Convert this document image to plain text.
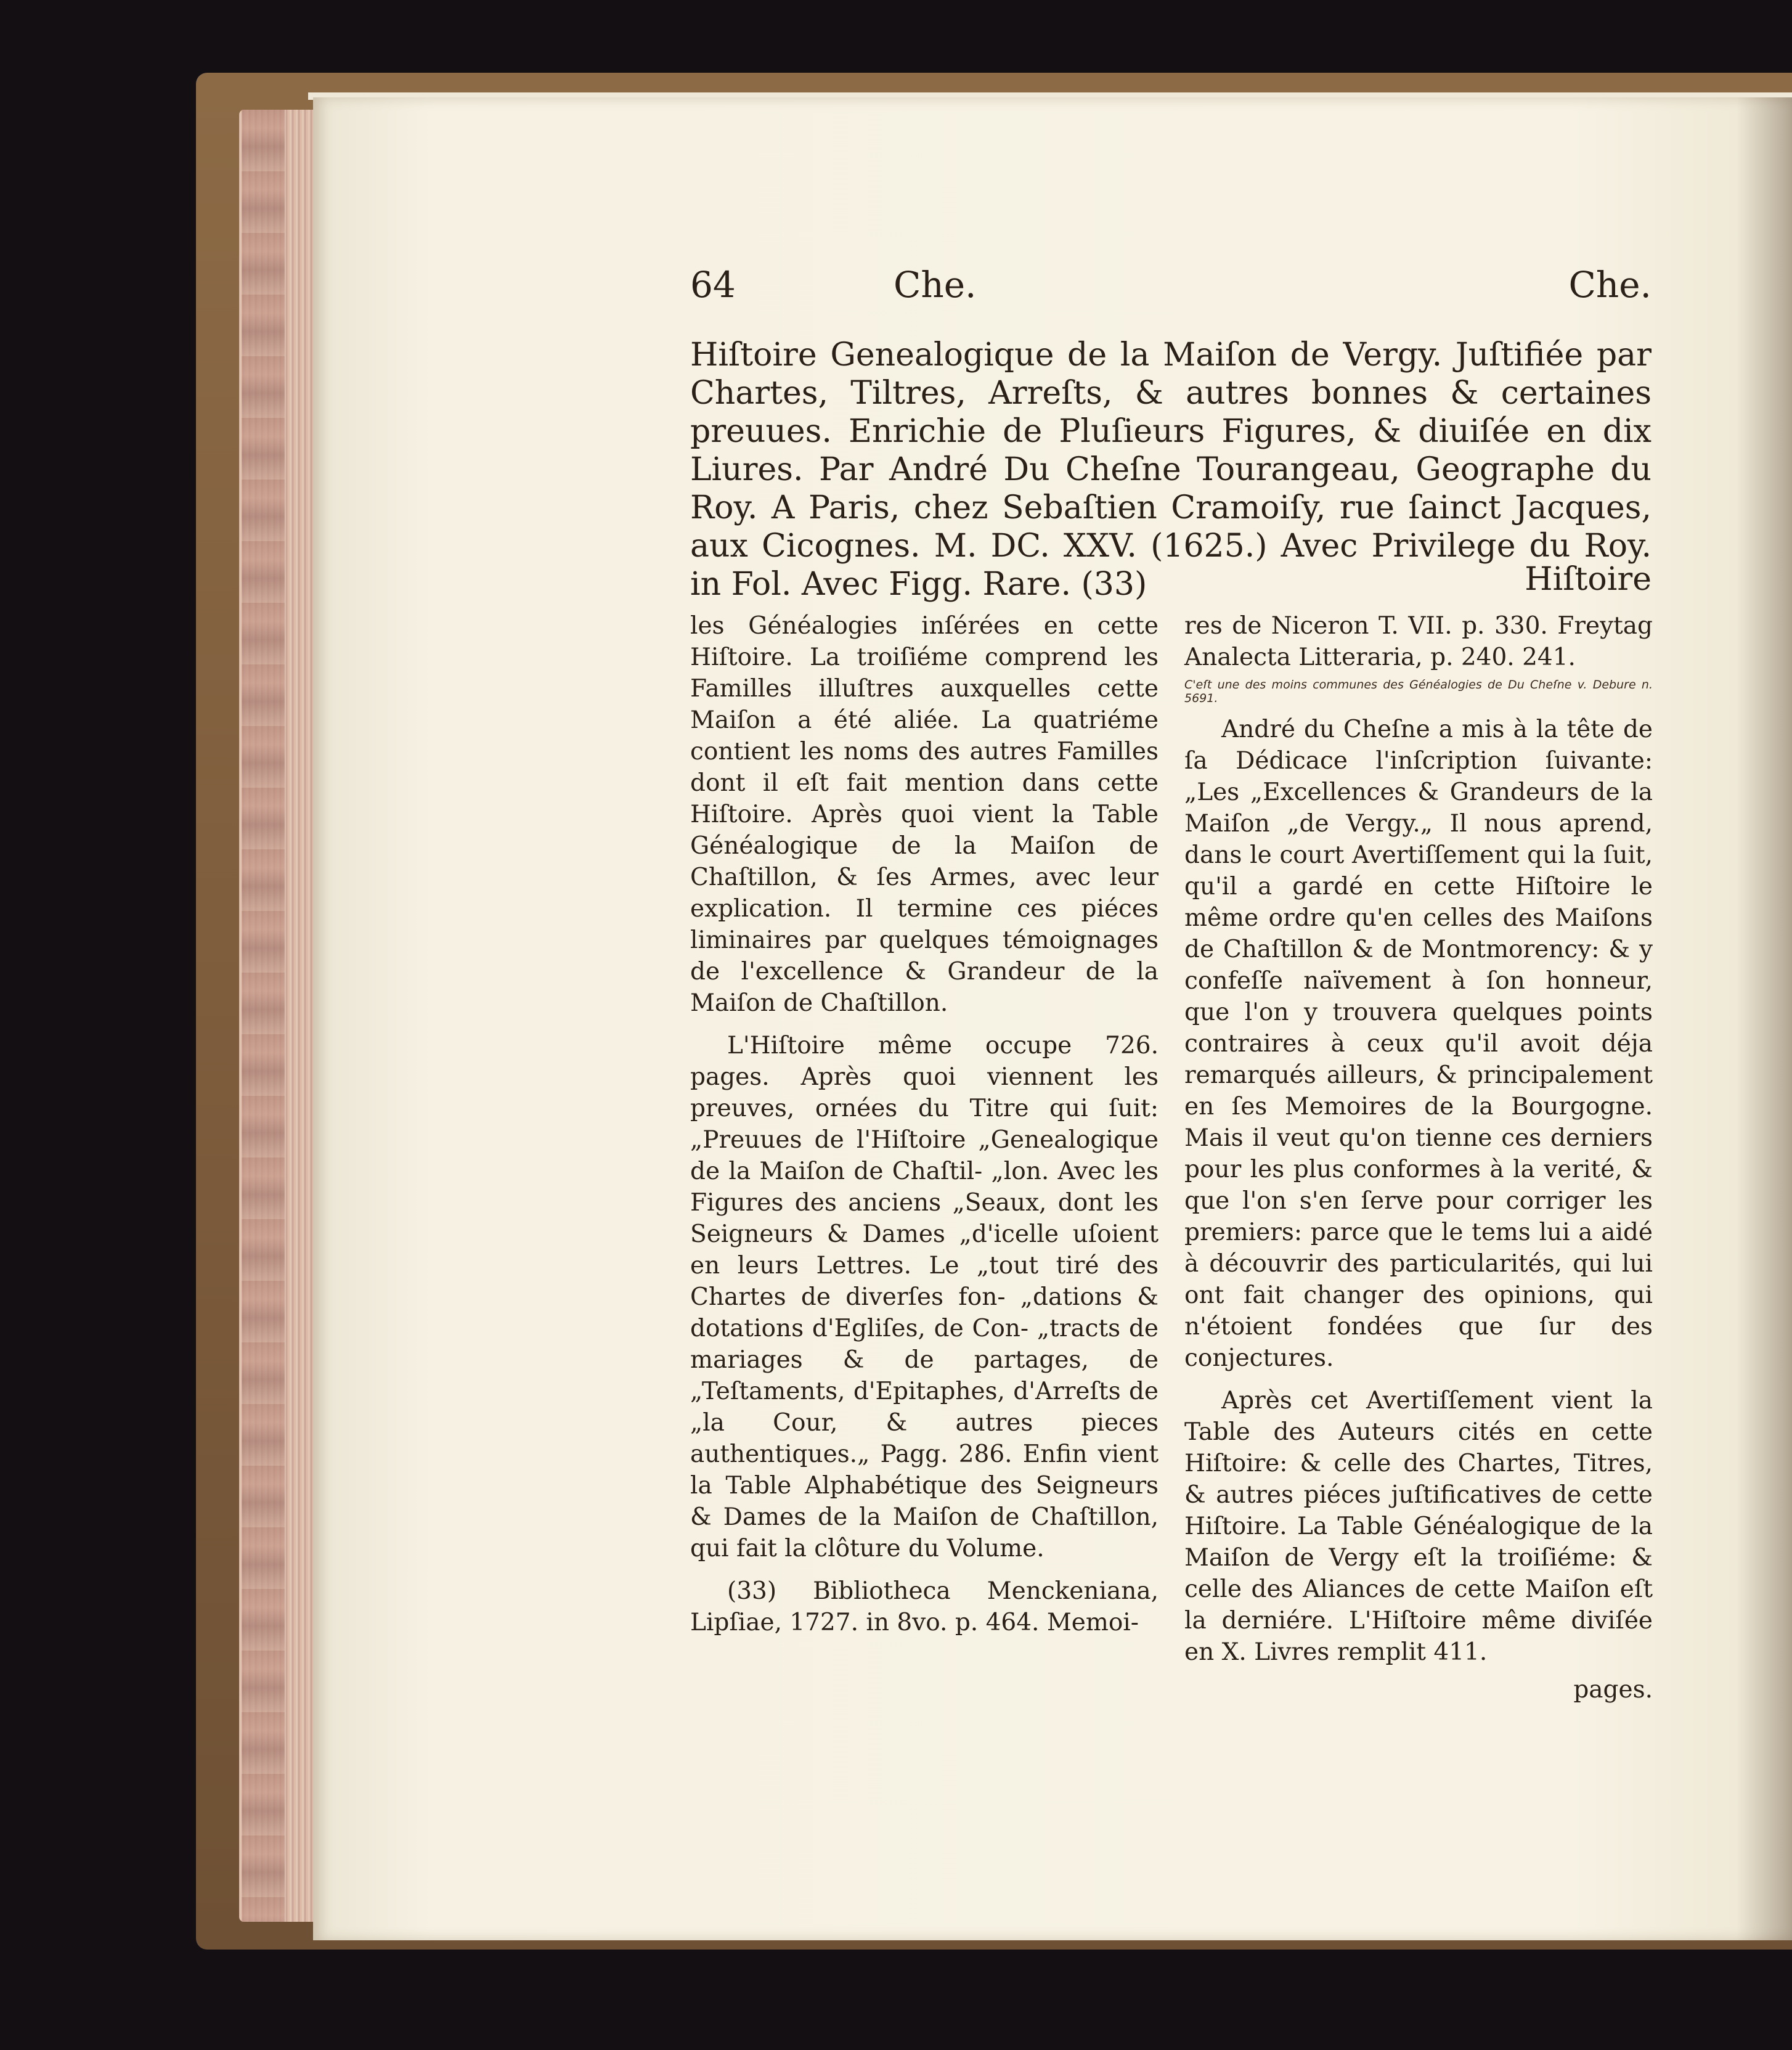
64	Che.	Che.
Hiſtoire Genealogique de la Maiſon de Vergy. Juſtifiée par Chartes, Tiltres, Arreſts, & autres bonnes & certaines preuues. Enrichie de Pluſieurs Figures, & diuiſée en dix Liures. Par André Du Cheſne Tourangeau, Geographe du Roy. A Paris, chez Sebaſtien Cramoiſy, rue ſainct Jacques, aux Cicognes. M. DC. XXV. (1625.) Avec Privilege du Roy. in Fol. Avec Figg. Rare. (33)	Hiſtoire

les Généalogies inſérées en cette Hiſtoire. La troiſiéme comprend les Familles illuſtres auxquelles cette Maiſon a été aliée. La quatriéme contient les noms des autres Familles dont il eſt fait mention dans cette Hiſtoire. Après quoi vient la Table Généalogique de la Maiſon de Chaſtillon, & ſes Armes, avec leur explication. Il termine ces piéces liminaires par quelques témoignages de l'excellence & Grandeur de la Maiſon de Chaſtillon.

L'Hiſtoire même occupe 726. pages. Après quoi viennent les preuves, ornées du Titre qui ſuit: „Preuues de l'Hiſtoire „Genealogique de la Maiſon de Chaſtil- „lon. Avec les Figures des anciens „Seaux, dont les Seigneurs & Dames „d'icelle uſoient en leurs Lettres. Le „tout tiré des Chartes de diverſes fon- „dations & dotations d'Egliſes, de Con- „tracts de mariages & de partages, de „Teſtaments, d'Epitaphes, d'Arreſts de „la Cour, & autres pieces authentiques.„ Pagg. 286. Enfin vient la Table Alphabétique des Seigneurs & Dames de la Maiſon de Chaſtillon, qui fait la clôture du Volume.

(33) Bibliotheca Menckeniana, Lipſiae, 1727. in 8vo. p. 464. Memoi-

res de Niceron T. VII. p. 330. Freytag Analecta Litteraria, p. 240. 241.

C'eſt une des moins communes des Généalogies de Du Cheſne v. Debure n. 5691.

André du Cheſne a mis à la tête de ſa Dédicace l'inſcription ſuivante: „Les „Excellences & Grandeurs de la Maiſon „de Vergy.„ Il nous aprend, dans le court Avertiſſement qui la ſuit, qu'il a gardé en cette Hiſtoire le même ordre qu'en celles des Maiſons de Chaſtillon & de Montmorency: & y confeſſe naïvement à ſon honneur, que l'on y trouvera quelques points contraires à ceux qu'il avoit déja remarqués ailleurs, & principalement en ſes Memoires de la Bourgogne. Mais il veut qu'on tienne ces derniers pour les plus conformes à la verité, & que l'on s'en ſerve pour corriger les premiers: parce que le tems lui a aidé à découvrir des particularités, qui lui ont fait changer des opinions, qui n'étoient fondées que ſur des conjectures.

Après cet Avertiſſement vient la Table des Auteurs cités en cette Hiſtoire: & celle des Chartes, Titres, & autres piéces juſtificatives de cette Hiſtoire. La Table Généalogique de la Maiſon de Vergy eſt la troiſiéme: & celle des Aliances de cette Maiſon eſt la derniére. L'Hiſtoire même diviſée en X. Livres remplit 411.

pages.
